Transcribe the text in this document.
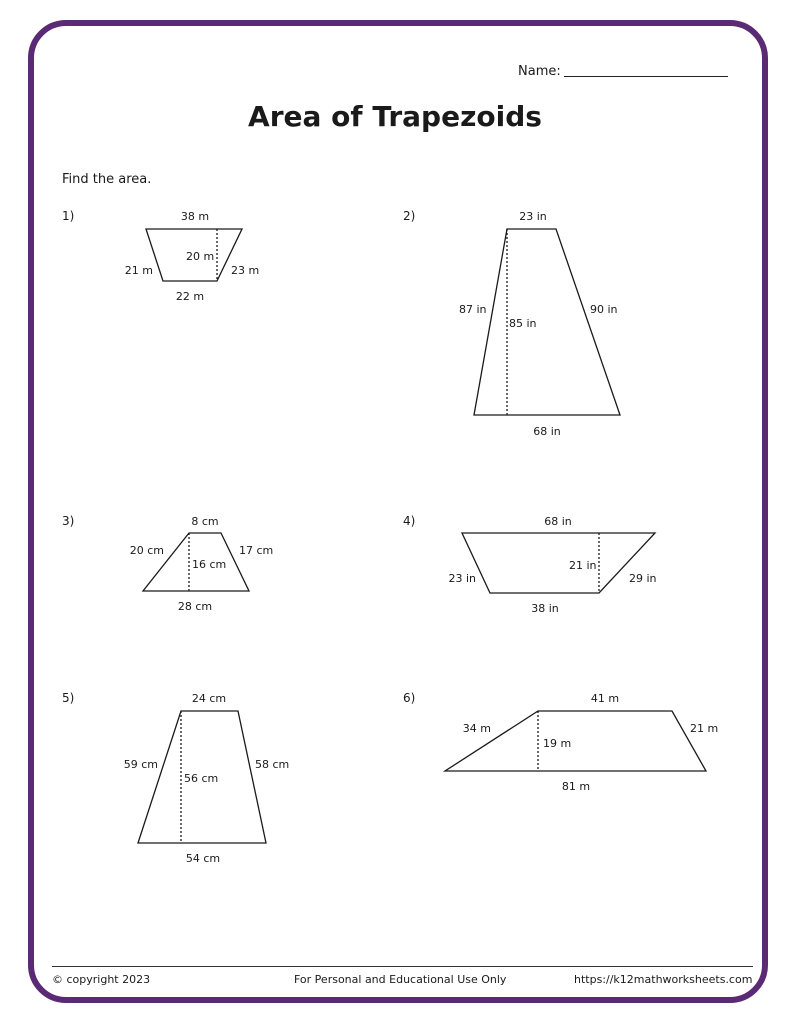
Name:
Area of Trapezoids
Find the area.
1)	2)
3)	4)
5)	6)
38 m
20 m
21 m	23 m
22 m
23 in
85 in
87 in	90 in
68 in
8 cm
16 cm
20 cm	17 cm
28 cm
68 in
21 in
23 in	29 in
38 in
24 cm
56 cm
59 cm	58 cm
54 cm
41 m
19 m
34 m	21 m
81 m
© copyright 2023	For Personal and Educational Use Only	https://k12mathworksheets.com
